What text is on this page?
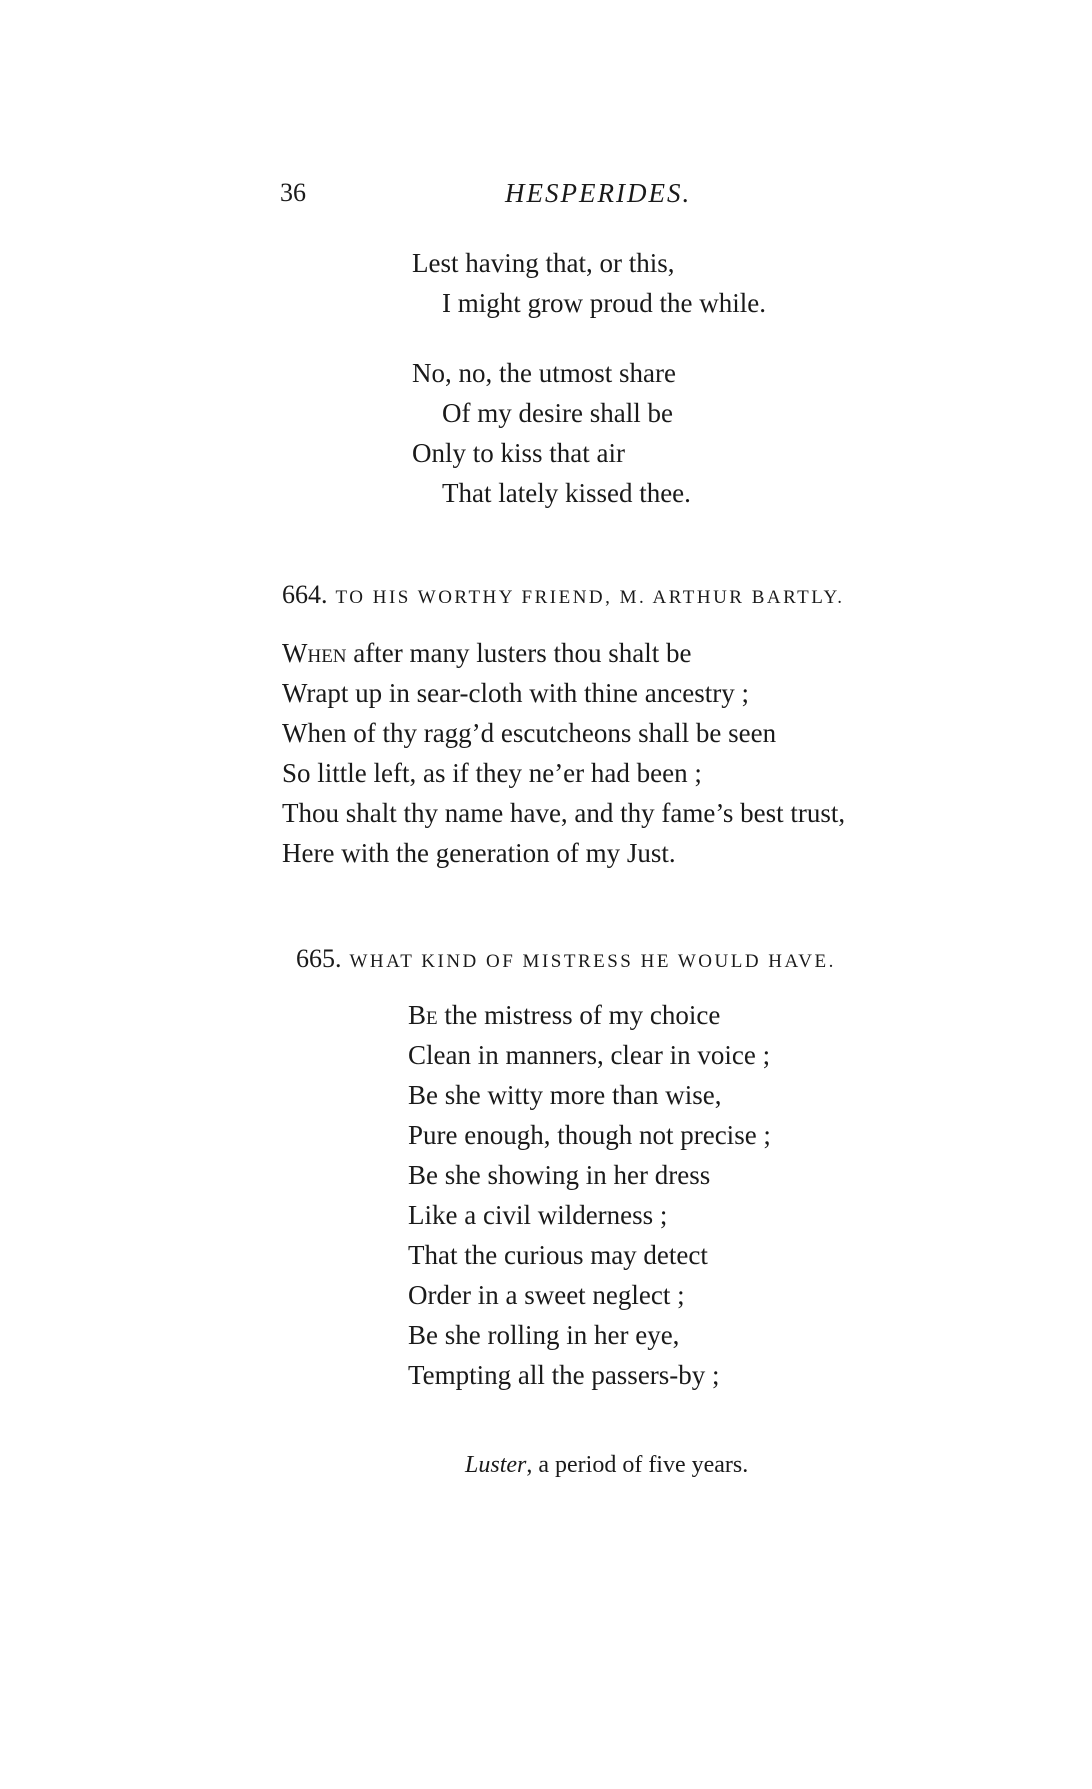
36	HESPERIDES.
Lest having that, or this,
I might grow proud the while.
No, no, the utmost share
Of my desire shall be
Only to kiss that air
That lately kissed thee.
664. TO HIS WORTHY FRIEND, M. ARTHUR BARTLY.
When after many lusters thou shalt be
Wrapt up in sear-cloth with thine ancestry ;
When of thy ragg’d escutcheons shall be seen
So little left, as if they ne’er had been ;
Thou shalt thy name have, and thy fame’s best trust,
Here with the generation of my Just.
665. WHAT KIND OF MISTRESS HE WOULD HAVE.
Be the mistress of my choice
Clean in manners, clear in voice ;
Be she witty more than wise,
Pure enough, though not precise ;
Be she showing in her dress
Like a civil wilderness ;
That the curious may detect
Order in a sweet neglect ;
Be she rolling in her eye,
Tempting all the passers-by ;
Luster, a period of five years.
